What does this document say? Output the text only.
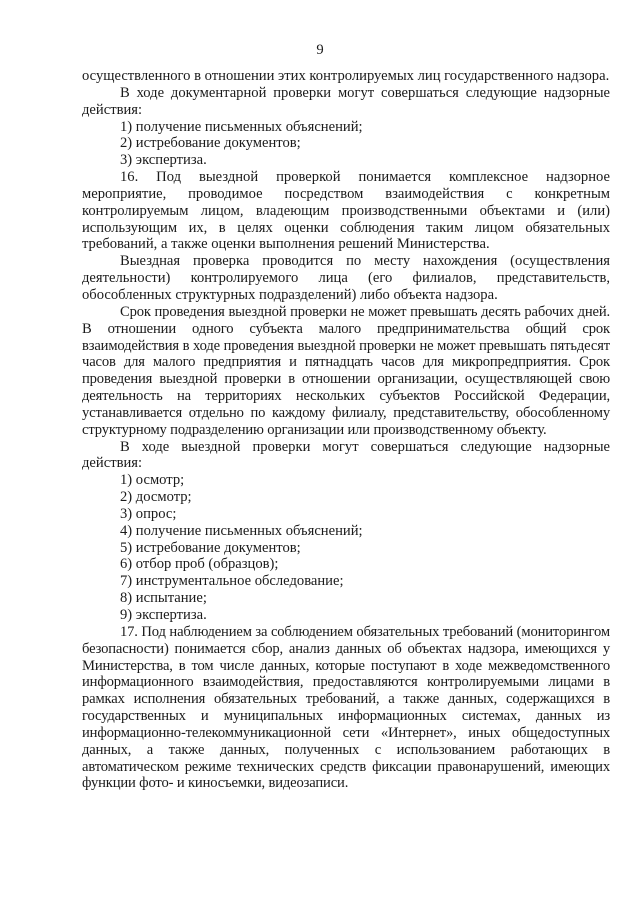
9

осуществленного в отношении этих контролируемых лиц государственного надзора.

В ходе документарной проверки могут совершаться следующие надзорные действия:

1) получение письменных объяснений;

2) истребование документов;

3) экспертиза.

16. Под выездной проверкой понимается комплексное надзорное мероприятие, проводимое посредством взаимодействия с конкретным контролируемым лицом, владеющим производственными объектами и (или) использующим их, в целях оценки соблюдения таким лицом обязательных требований, а также оценки выполнения решений Министерства.

Выездная проверка проводится по месту нахождения (осуществления деятельности) контролируемого лица (его филиалов, представительств, обособленных структурных подразделений) либо объекта надзора.

Срок проведения выездной проверки не может превышать десять рабочих дней. В отношении одного субъекта малого предпринимательства общий срок взаимодействия в ходе проведения выездной проверки не может превышать пятьдесят часов для малого предприятия и пятнадцать часов для микропредприятия. Срок проведения выездной проверки в отношении организации, осуществляющей свою деятельность на территориях нескольких субъектов Российской Федерации, устанавливается отдельно по каждому филиалу, представительству, обособленному структурному подразделению организации или производственному объекту.

В ходе выездной проверки могут совершаться следующие надзорные действия:

1) осмотр;

2) досмотр;

3) опрос;

4) получение письменных объяснений;

5) истребование документов;

6) отбор проб (образцов);

7) инструментальное обследование;

8) испытание;

9) экспертиза.

17. Под наблюдением за соблюдением обязательных требований (мониторингом безопасности) понимается сбор, анализ данных об объектах надзора, имеющихся у Министерства, в том числе данных, которые поступают в ходе межведомственного информационного взаимодействия, предоставляются контролируемыми лицами в рамках исполнения обязательных требований, а также данных, содержащихся в государственных и муниципальных информационных системах, данных из информационно-телекоммуникационной сети «Интернет», иных общедоступных данных, а также данных, полученных с использованием работающих в автоматическом режиме технических средств фиксации правонарушений, имеющих функции фото- и киносъемки, видеозаписи.
